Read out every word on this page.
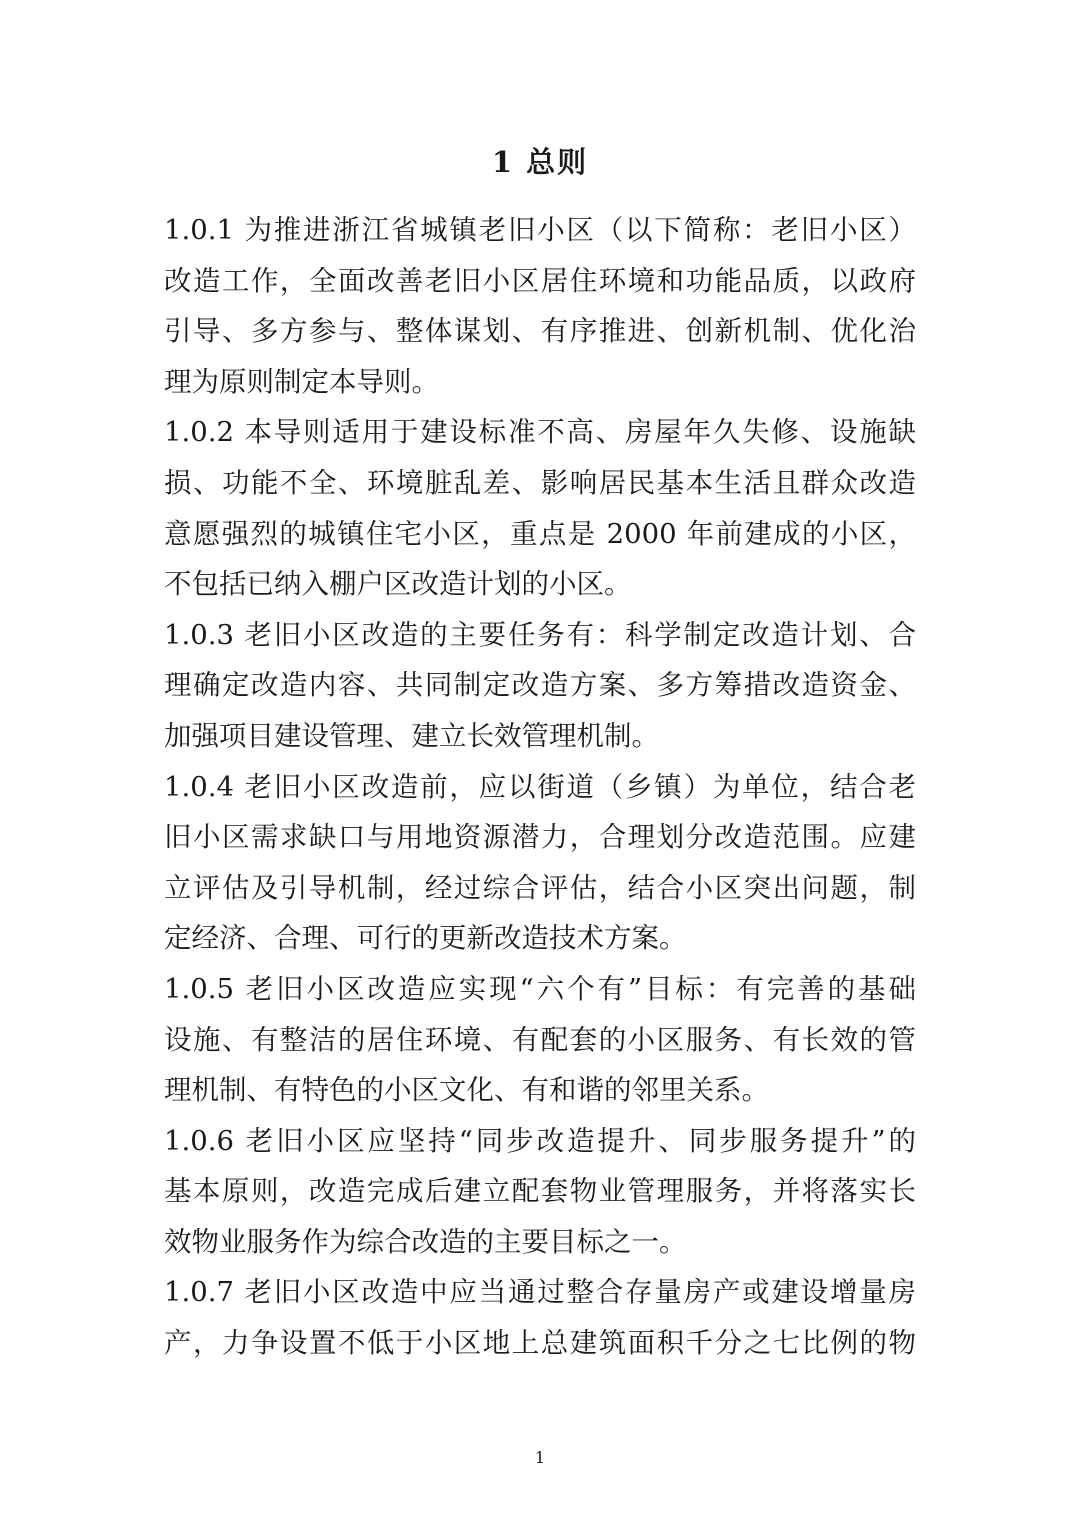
1 总则
1.0.1 为推进浙江省城镇老旧小区（以下简称：老旧小区）
改造工作，全面改善老旧小区居住环境和功能品质，以政府
引导、多方参与、整体谋划、有序推进、创新机制、优化治
理为原则制定本导则。
1.0.2 本导则适用于建设标准不高、房屋年久失修、设施缺
损、功能不全、环境脏乱差、影响居民基本生活且群众改造
意愿强烈的城镇住宅小区，重点是 2000 年前建成的小区，
不包括已纳入棚户区改造计划的小区。
1.0.3 老旧小区改造的主要任务有：科学制定改造计划、合
理确定改造内容、共同制定改造方案、多方筹措改造资金、
加强项目建设管理、建立长效管理机制。
1.0.4 老旧小区改造前，应以街道（乡镇）为单位，结合老
旧小区需求缺口与用地资源潜力，合理划分改造范围。应建
立评估及引导机制，经过综合评估，结合小区突出问题，制
定经济、合理、可行的更新改造技术方案。
1.0.5 老旧小区改造应实现“六个有”目标：有完善的基础
设施、有整洁的居住环境、有配套的小区服务、有长效的管
理机制、有特色的小区文化、有和谐的邻里关系。
1.0.6 老旧小区应坚持“同步改造提升、同步服务提升”的
基本原则，改造完成后建立配套物业管理服务，并将落实长
效物业服务作为综合改造的主要目标之一。
1.0.7 老旧小区改造中应当通过整合存量房产或建设增量房
产，力争设置不低于小区地上总建筑面积千分之七比例的物
1
